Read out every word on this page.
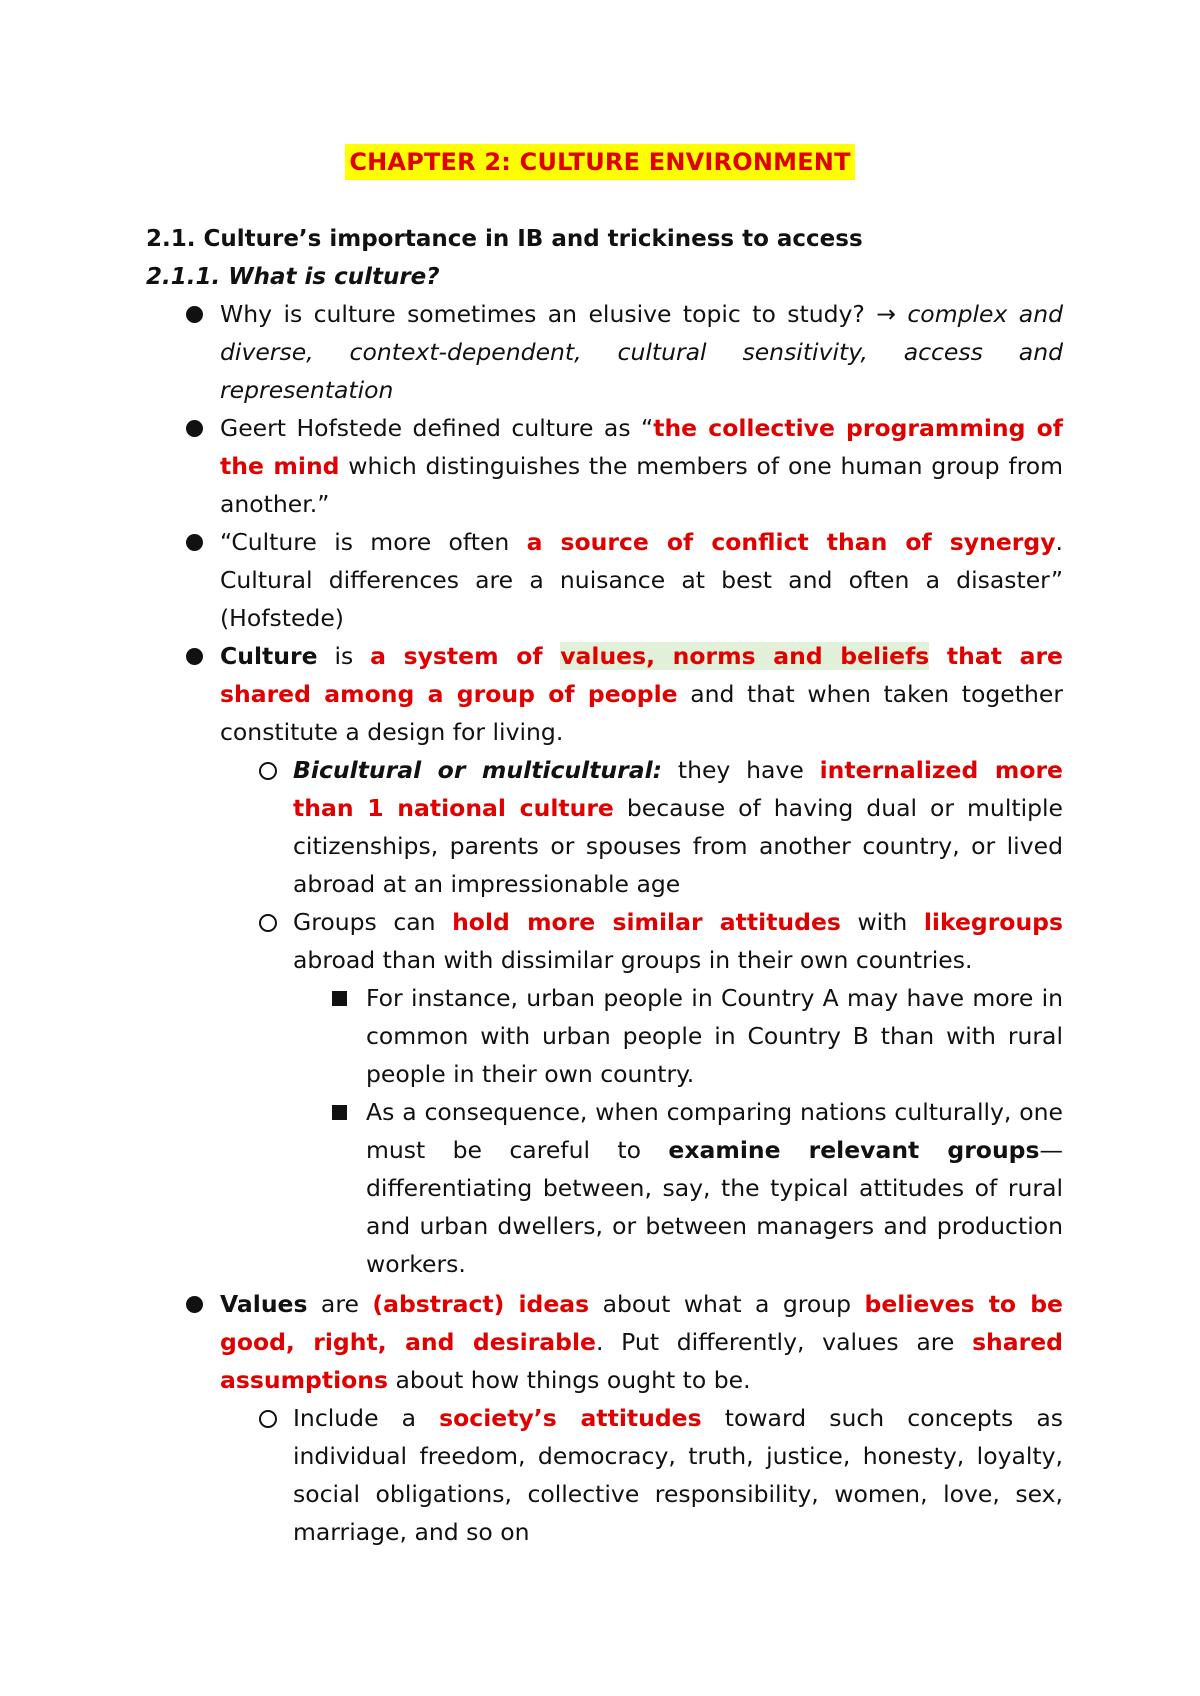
CHAPTER 2: CULTURE ENVIRONMENT
2.1. Culture’s importance in IB and trickiness to access
2.1.1. What is culture?
Why is culture sometimes an elusive topic to study? → complex and diverse, context-dependent, cultural sensitivity, access and representation
Geert Hofstede defined culture as “the collective programming of the mind which distinguishes the members of one human group from another.”
“Culture is more often a source of conflict than of synergy. Cultural differences are a nuisance at best and often a disaster” (Hofstede)
Culture is a system of values, norms and beliefs that are shared among a group of people and that when taken together constitute a design for living.
Bicultural or multicultural: they have internalized more than 1 national culture because of having dual or multiple citizenships, parents or spouses from another country, or lived abroad at an impressionable age
Groups can hold more similar attitudes with likegroups abroad than with dissimilar groups in their own countries.
For instance, urban people in Country A may have more in common with urban people in Country B than with rural people in their own country.
As a consequence, when comparing nations culturally, one must be careful to examine relevant groups—differentiating between, say, the typical attitudes of rural and urban dwellers, or between managers and production workers.
Values are (abstract) ideas about what a group believes to be good, right, and desirable. Put differently, values are shared assumptions about how things ought to be.
Include a society’s attitudes toward such concepts as individual freedom, democracy, truth, justice, honesty, loyalty, social obligations, collective responsibility, women, love, sex, marriage, and so on
